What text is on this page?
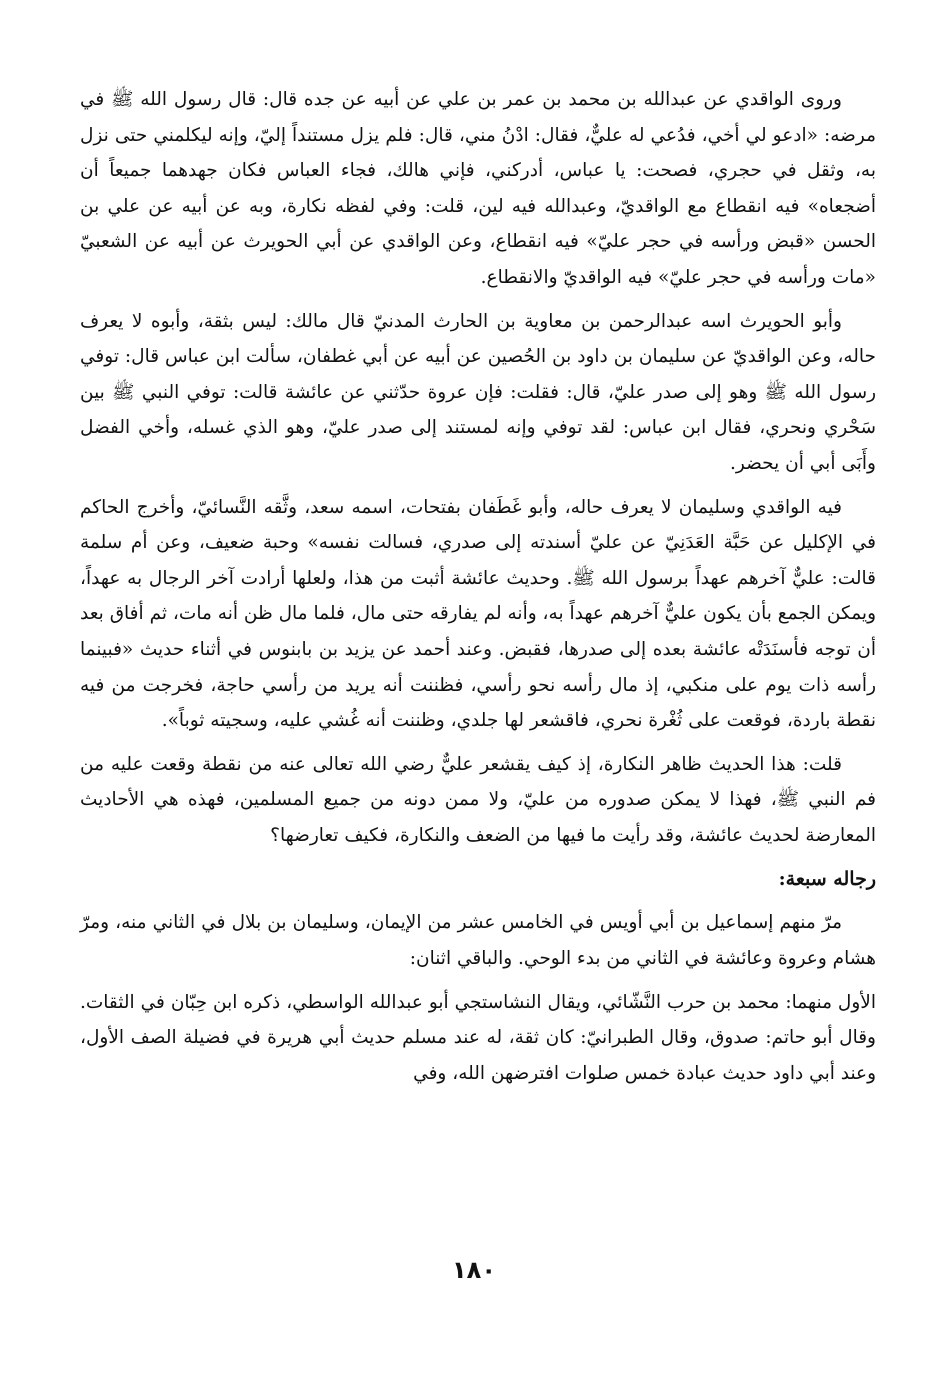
وروى الواقدي عن عبدالله بن محمد بن عمر بن علي عن أبيه عن جده قال: قال رسول الله ﷺ في مرضه: «ادعو لي أخي، فدُعي له عليٌّ، فقال: ادْنُ مني، قال: فلم يزل مستنداً إليّ، وإنه ليكلمني حتى نزل به، وثقل في حجري، فصحت: يا عباس، أدركني، فإني هالك، فجاء العباس فكان جهدهما جميعاً أن أضجعاه» فيه انقطاع مع الواقديّ، وعبدالله فيه لين، قلت: وفي لفظه نكارة، وبه عن أبيه عن علي بن الحسن «قبض ورأسه في حجر عليّ» فيه انقطاع، وعن الواقدي عن أبي الحويرث عن أبيه عن الشعبيّ «مات ورأسه في حجر عليّ» فيه الواقديّ والانقطاع.

وأبو الحويرث اسه عبدالرحمن بن معاوية بن الحارث المدنيّ قال مالك: ليس بثقة، وأبوه لا يعرف حاله، وعن الواقديّ عن سليمان بن داود بن الحُصين عن أبيه عن أبي غطفان، سألت ابن عباس قال: توفي رسول الله ﷺ وهو إلى صدر عليّ، قال: فقلت: فإن عروة حدّثني عن عائشة قالت: توفي النبي ﷺ بين سَحْري ونحري، فقال ابن عباس: لقد توفي وإنه لمستند إلى صدر عليّ، وهو الذي غسله، وأخي الفضل وأَبَى أبي أن يحضر.

فيه الواقدي وسليمان لا يعرف حاله، وأبو غَطَفان بفتحات، اسمه سعد، وثَّقه النَّسائيّ، وأخرج الحاكم في الإكليل عن حَبَّة العَدَنِيّ عن عليّ أسندته إلى صدري، فسالت نفسه» وحبة ضعيف، وعن أم سلمة قالت: عليٌّ آخرهم عهداً برسول الله ﷺ. وحديث عائشة أثبت من هذا، ولعلها أرادت آخر الرجال به عهداً، ويمكن الجمع بأن يكون عليٌّ آخرهم عهداً به، وأنه لم يفارقه حتى مال، فلما مال ظن أنه مات، ثم أفاق بعد أن توجه فأسنَدَتْه عائشة بعده إلى صدرها، فقبض. وعند أحمد عن يزيد بن بابنوس في أثناء حديث «فبينما رأسه ذات يوم على منكبي، إذ مال رأسه نحو رأسي، فظننت أنه يريد من رأسي حاجة، فخرجت من فيه نقطة باردة، فوقعت على ثُغْرة نحري، فاقشعر لها جلدي، وظننت أنه غُشي عليه، وسجيته ثوباً».

قلت: هذا الحديث ظاهر النكارة، إذ كيف يقشعر عليٌّ رضي الله تعالى عنه من نقطة وقعت عليه من فم النبي ﷺ، فهذا لا يمكن صدوره من عليّ، ولا ممن دونه من جميع المسلمين، فهذه هي الأحاديث المعارضة لحديث عائشة، وقد رأيت ما فيها من الضعف والنكارة، فكيف تعارضها؟

رجاله سبعة:

مرّ منهم إسماعيل بن أبي أويس في الخامس عشر من الإيمان، وسليمان بن بلال في الثاني منه، ومرّ هشام وعروة وعائشة في الثاني من بدء الوحي. والباقي اثنان:

الأول منهما: محمد بن حرب النَّشّائي، ويقال النشاستجي أبو عبدالله الواسطي، ذكره ابن حِبّان في الثقات. وقال أبو حاتم: صدوق، وقال الطبرانيّ: كان ثقة، له عند مسلم حديث أبي هريرة في فضيلة الصف الأول، وعند أبي داود حديث عبادة خمس صلوات افترضهن الله، وفي

١٨٠
